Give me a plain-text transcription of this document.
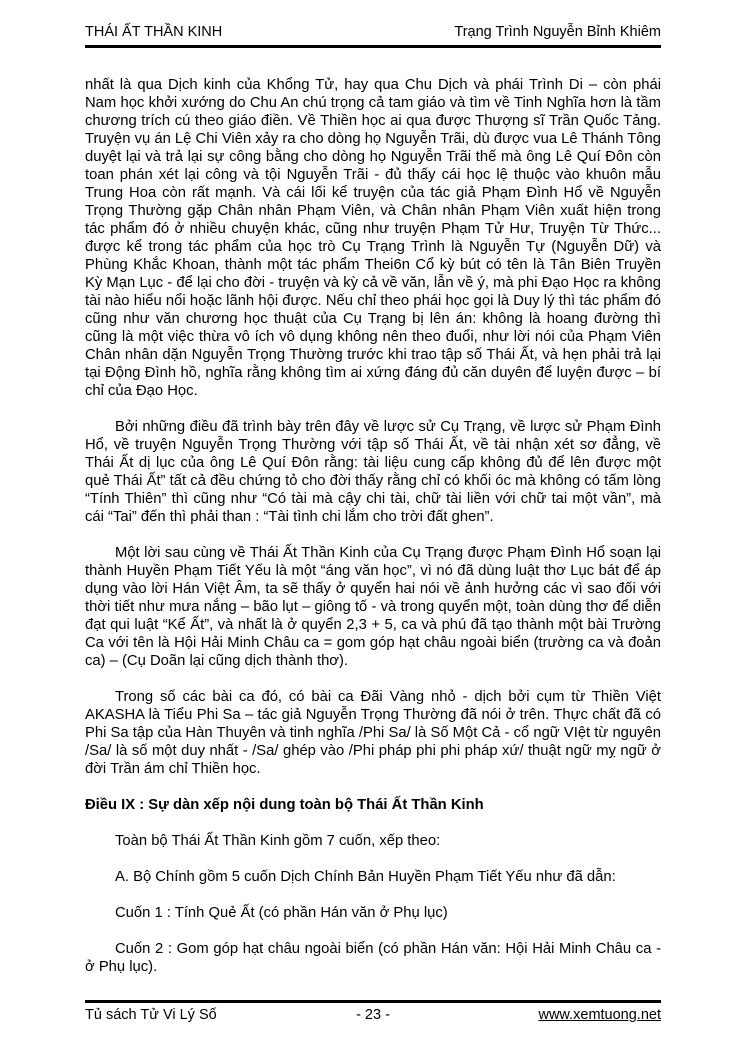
THÁI ẤT THẦN KINH	Trạng Trình Nguyễn Bỉnh Khiêm

nhất là qua Dịch kinh của Khổng Tử, hay qua Chu Dịch và phái Trình Di – còn phái Nam học khởi xướng do Chu An chú trọng cả tam giáo và tìm về Tinh Nghĩa hơn là tầm chương trích cú theo giáo điền. Về Thiền học ai qua được Thượng sĩ Trần Quốc Tảng. Truyện vụ án Lệ Chi Viên xảy ra cho dòng họ Nguyễn Trãi, dù được vua Lê Thánh Tông duyệt lại và trả lại sự công bằng cho dòng họ Nguyễn Trãi thế mà ông Lê Quí Đôn còn toan phán xét lại công và tội Nguyễn Trãi - đủ thấy cái học lệ thuộc vào khuôn mẫu Trung Hoa còn rất mạnh. Và cái lối kể truyện của tác giả Phạm Đình Hổ về Nguyễn Trọng Thường gặp Chân nhân Phạm Viên, và Chân nhân Phạm Viên xuất hiện trong tác phẩm đó ở nhiều chuyện khác, cũng như truyện Phạm Tử Hư, Truyện Từ Thức... được kể trong tác phẩm của học trò Cụ Trạng Trình là Nguyễn Tự (Nguyễn Dữ) và Phùng Khắc Khoan, thành một tác phẩm Thei6n Cổ kỳ bút có tên là Tân Biên Truyền Kỳ Mạn Lục - để lại cho đời - truyện và kỳ cả về văn, lẫn về ý, mà phi Đạo Học ra không tài nào hiểu nổi hoặc lãnh hội được. Nếu chỉ theo phái học gọi là Duy lý thì tác phẩm đó cũng như văn chương học thuật của Cụ Trạng bị lên án: không là hoang đường thì cũng là một việc thừa vô ích vô dụng không nên theo đuổi, như lời nói của Phạm Viên Chân nhân dặn Nguyễn Trọng Thường trước khi trao tập số Thái Ất, và hẹn phải trả lại tại Động Đình hồ, nghĩa rằng không tìm ai xứng đáng đủ căn duyên để luyện được – bí chỉ của Đạo Học.

Bởi những điều đã trình bày trên đây về lược sử Cụ Trạng, về lược sử Phạm Đình Hổ, về truyện Nguyễn Trọng Thường với tập số Thái Ất, về tài nhận xét sơ đẳng, về Thái Ất dị lục của ông Lê Quí Đôn rằng: tài liệu cung cấp không đủ để lên được một quẻ Thái Ất” tất cả đều chứng tỏ cho đời thấy rằng chỉ có khối óc mà không có tấm lòng “Tính Thiên” thì cũng như “Có tài mà cậy chi tài, chữ tài liền với chữ tai một vần”, mà cái “Tai” đến thì phải than : “Tài tình chi lắm cho trời đất ghen”.

Một lời sau cùng về Thái Ất Thần Kinh của Cụ Trạng được Phạm Đình Hổ soạn lại thành Huyền Phạm Tiết Yếu là một “áng văn học”, vì nó đã dùng luật thơ Lục bát để áp dụng vào lời Hán Việt Âm, ta sẽ thấy ở quyển hai nói về ảnh hưởng các vì sao đối với thời tiết như mưa nắng – bão lụt – giông tố - và trong quyển một, toàn dùng thơ để diễn đạt qui luật “Kể Ất”, và nhất là ở quyển 2,3 + 5, ca và phú đã tạo thành một bài Trường Ca với tên là Hội Hải Minh Châu ca = gom góp hạt châu ngoài biển (trường ca và đoản ca) – (Cụ Doãn lại cũng dịch thành thơ).

Trong số các bài ca đó, có bài ca Đãi Vàng nhỏ - dịch bởi cụm từ Thiền Việt AKASHA là Tiểu Phi Sa – tác giả Nguyễn Trọng Thường đã nói ở trên. Thực chất đã có Phi Sa tập của Hàn Thuyên và tinh nghĩa /Phi Sa/ là Số Một Cả - cổ ngữ VIệt từ nguyên /Sa/ là số một duy nhất - /Sa/ ghép vào /Phi pháp phi phi pháp xứ/ thuật ngữ mỵ ngữ ở đời Trần ám chỉ Thiền học.

Điều IX : Sự dàn xếp nội dung toàn bộ Thái Ất Thần Kinh

Toàn bộ Thái Ất Thần Kinh gồm 7 cuốn, xếp theo:

A. Bộ Chính gồm 5 cuốn Dịch Chính Bản Huyền Phạm Tiết Yếu như đã dẫn:

Cuốn 1 : Tính Quẻ Ất (có phần Hán văn ở Phụ lục)

Cuốn 2 : Gom góp hạt châu ngoài biển (có phần Hán văn: Hội Hải Minh Châu ca - ở Phụ lục).

Tủ sách Tử Vi Lý Số	- 23 -	www.xemtuong.net
